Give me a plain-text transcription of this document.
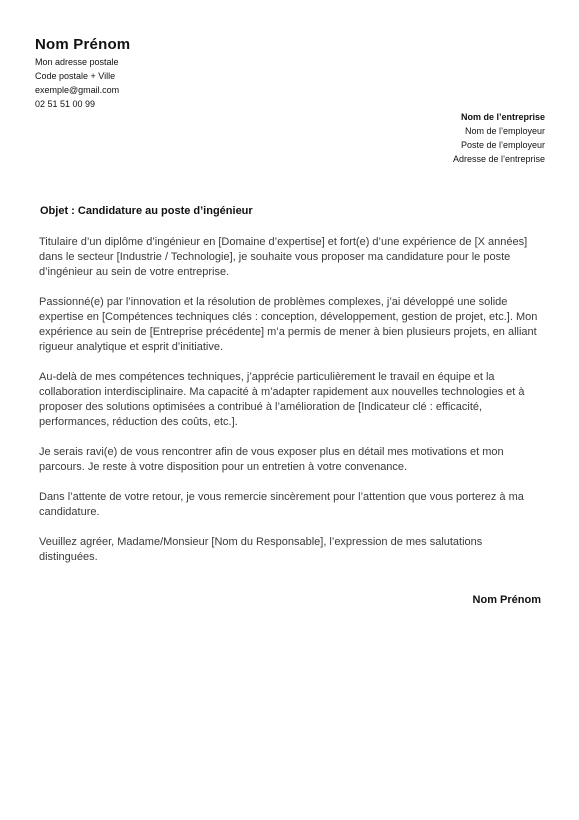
Nom Prénom
Mon adresse postale
Code postale + Ville
exemple@gmail.com
02 51 51 00 99
Nom de l’entreprise
Nom de l’employeur
Poste de l’employeur
Adresse de l’entreprise
Objet : Candidature au poste d’ingénieur

Titulaire d’un diplôme d’ingénieur en [Domaine d’expertise] et fort(e) d’une expérience de [X années] dans le secteur [Industrie / Technologie], je souhaite vous proposer ma candidature pour le poste d’ingénieur au sein de votre entreprise.

Passionné(e) par l’innovation et la résolution de problèmes complexes, j’ai développé une solide expertise en [Compétences techniques clés : conception, développement, gestion de projet, etc.]. Mon expérience au sein de [Entreprise précédente] m’a permis de mener à bien plusieurs projets, en alliant rigueur analytique et esprit d’initiative.

Au-delà de mes compétences techniques, j’apprécie particulièrement le travail en équipe et la collaboration interdisciplinaire. Ma capacité à m’adapter rapidement aux nouvelles technologies et à proposer des solutions optimisées a contribué à l’amélioration de [Indicateur clé : efficacité, performances, réduction des coûts, etc.].

Je serais ravi(e) de vous rencontrer afin de vous exposer plus en détail mes motivations et mon parcours. Je reste à votre disposition pour un entretien à votre convenance.

Dans l’attente de votre retour, je vous remercie sincèrement pour l’attention que vous porterez à ma candidature.

Veuillez agréer, Madame/Monsieur [Nom du Responsable], l’expression de mes salutations distinguées.

Nom Prénom
